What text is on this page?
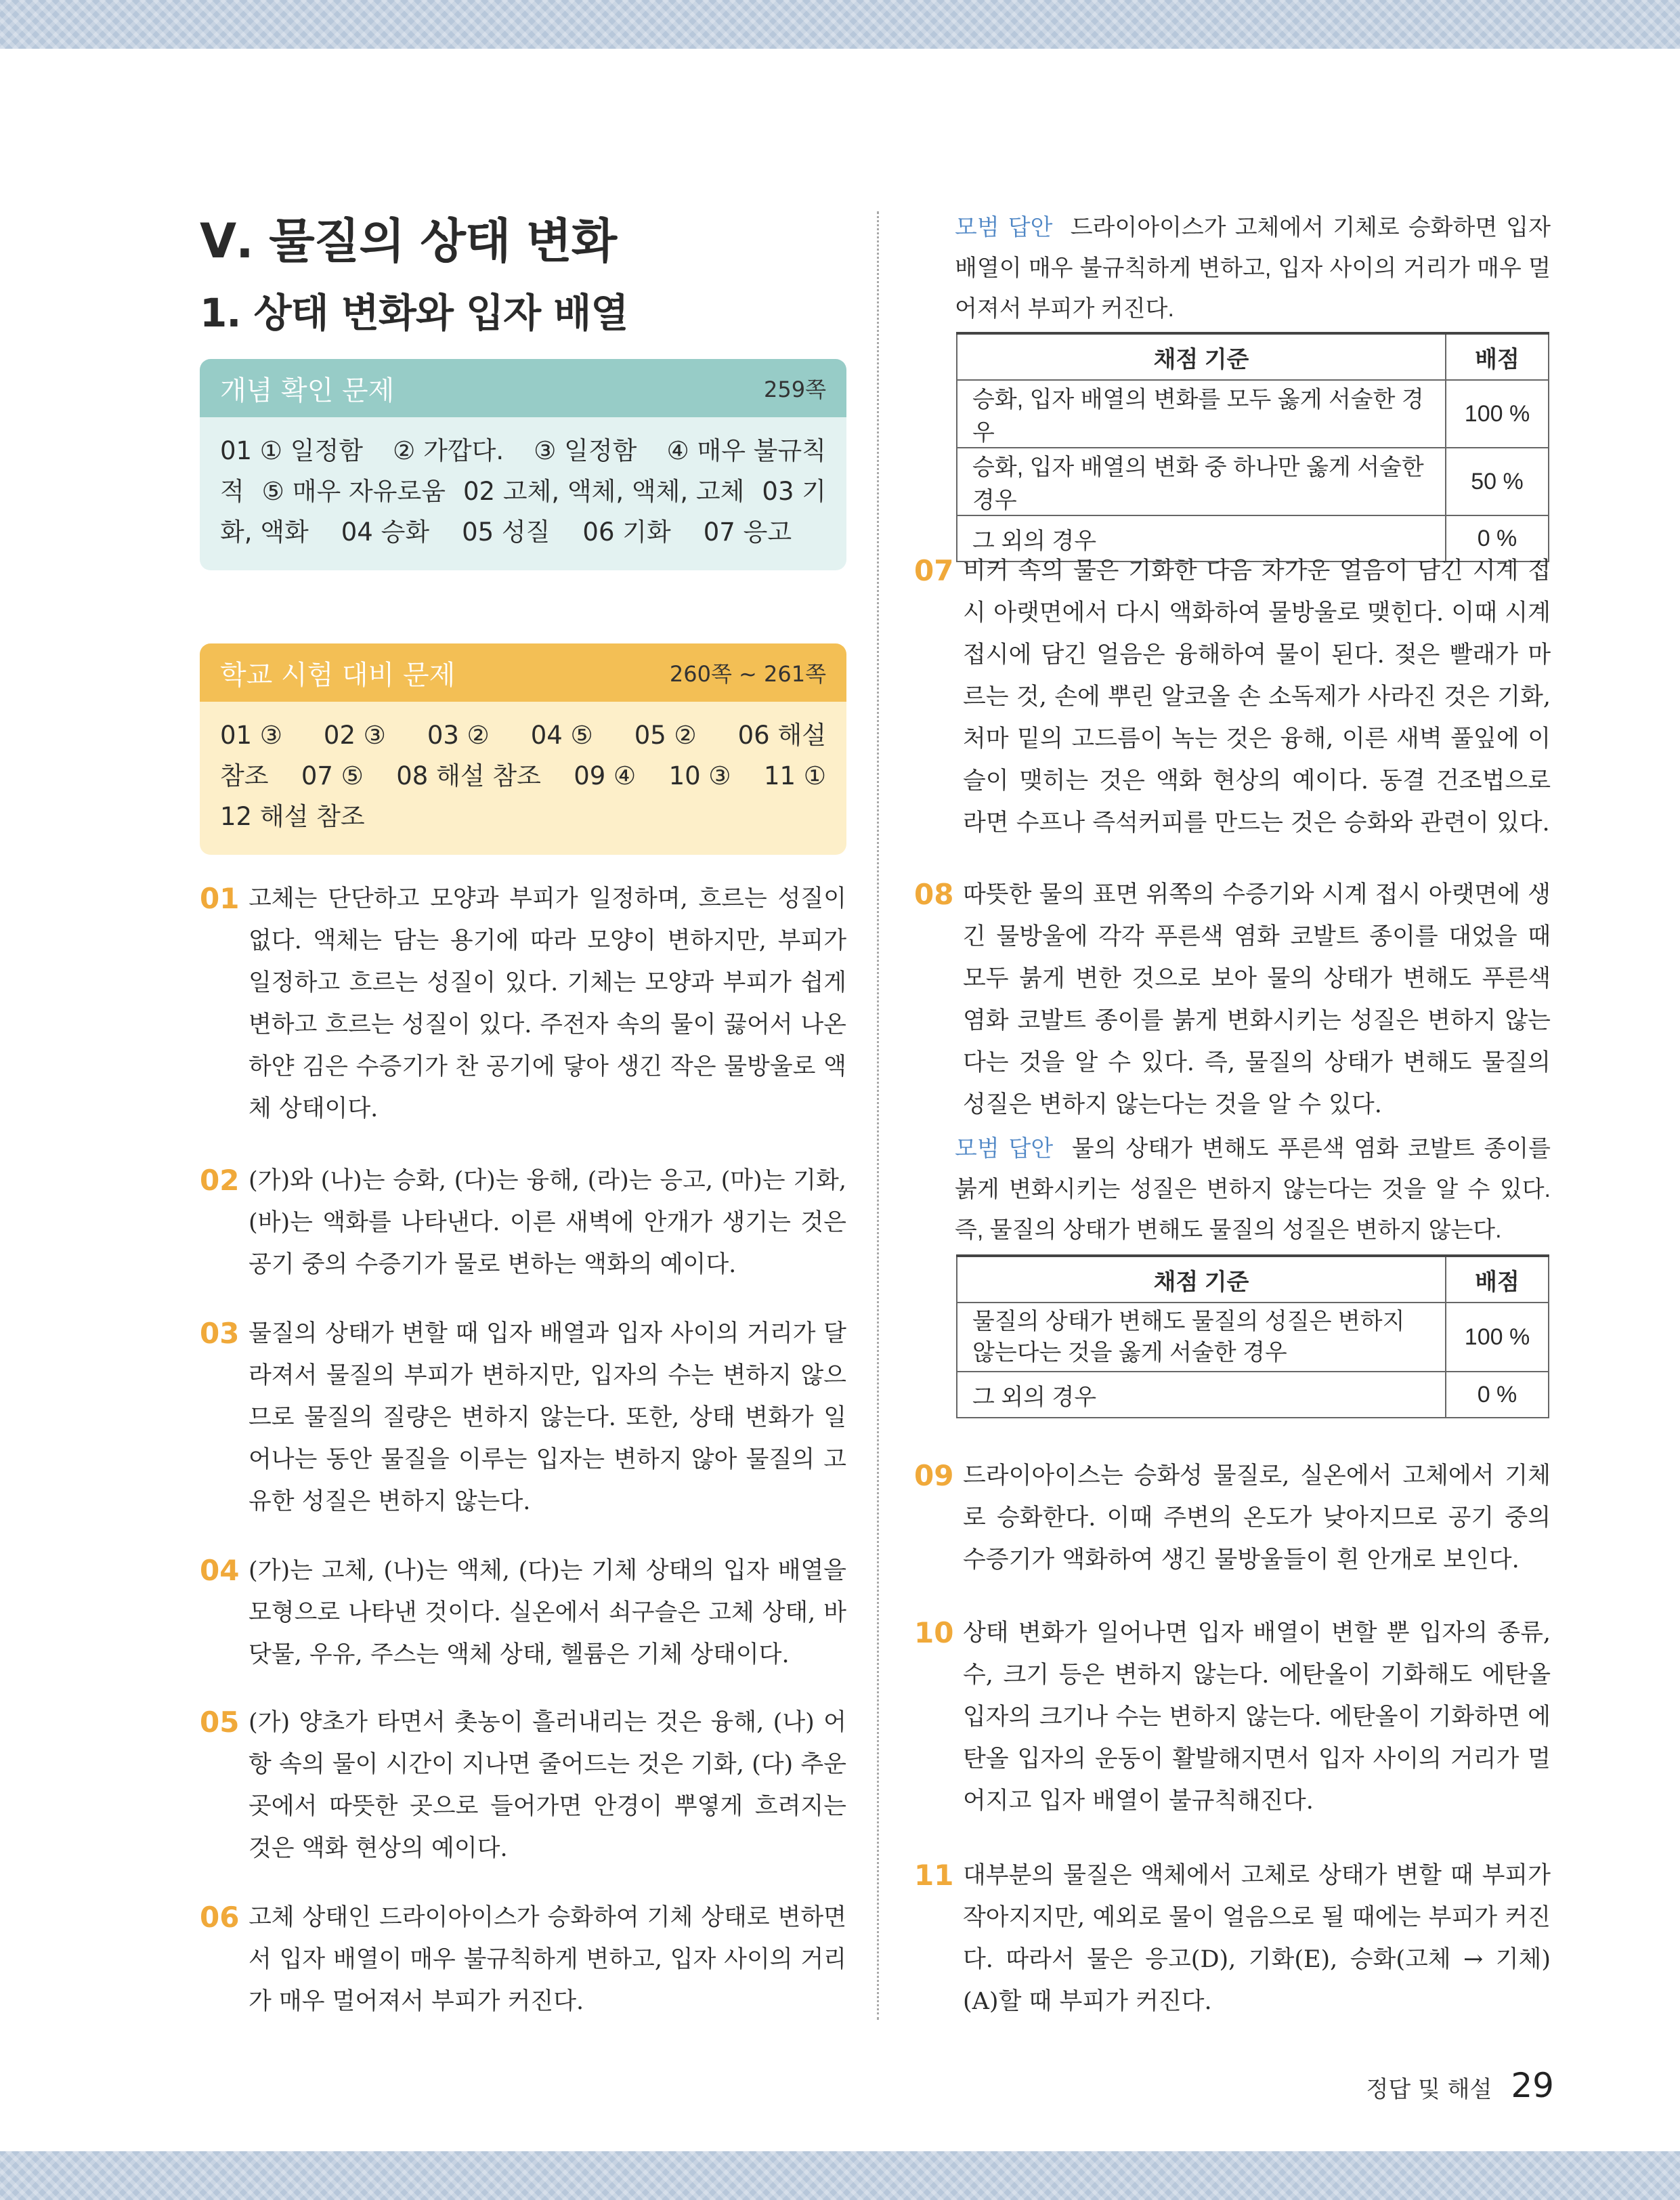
Ⅴ. 물질의 상태 변화
1. 상태 변화와 입자 배열
개념 확인 문제	259쪽
01 ① 일정함 ② 가깝다. ③ 일정함 ④ 매우 불규칙
적 ⑤ 매우 자유로움 02 고체, 액체, 액체, 고체 03 기
화, 액화 04 승화 05 성질 06 기화 07 응고
학교 시험 대비 문제	260쪽 ~ 261쪽
01 ③ 02 ③ 03 ② 04 ⑤ 05 ② 06 해설
참조 07 ⑤ 08 해설 참조 09 ④ 10 ③ 11 ①
12 해설 참조
01 고체는 단단하고 모양과 부피가 일정하며, 흐르는 성질이 없다. 액체는 담는 용기에 따라 모양이 변하지만, 부피가 일정하고 흐르는 성질이 있다. 기체는 모양과 부피가 쉽게 변하고 흐르는 성질이 있다. 주전자 속의 물이 끓어서 나온 하얀 김은 수증기가 찬 공기에 닿아 생긴 작은 물방울로 액체 상태이다.
02 (가)와 (나)는 승화, (다)는 융해, (라)는 응고, (마)는 기화, (바)는 액화를 나타낸다. 이른 새벽에 안개가 생기는 것은 공기 중의 수증기가 물로 변하는 액화의 예이다.
03 물질의 상태가 변할 때 입자 배열과 입자 사이의 거리가 달라져서 물질의 부피가 변하지만, 입자의 수는 변하지 않으므로 물질의 질량은 변하지 않는다. 또한, 상태 변화가 일어나는 동안 물질을 이루는 입자는 변하지 않아 물질의 고유한 성질은 변하지 않는다.
04 (가)는 고체, (나)는 액체, (다)는 기체 상태의 입자 배열을 모형으로 나타낸 것이다. 실온에서 쇠구슬은 고체 상태, 바닷물, 우유, 주스는 액체 상태, 헬륨은 기체 상태이다.
05 (가) 양초가 타면서 촛농이 흘러내리는 것은 융해, (나) 어항 속의 물이 시간이 지나면 줄어드는 것은 기화, (다) 추운 곳에서 따뜻한 곳으로 들어가면 안경이 뿌옇게 흐려지는 것은 액화 현상의 예이다.
06 고체 상태인 드라이아이스가 승화하여 기체 상태로 변하면서 입자 배열이 매우 불규칙하게 변하고, 입자 사이의 거리가 매우 멀어져서 부피가 커진다.
모범 답안 드라이아이스가 고체에서 기체로 승화하면 입자 배열이 매우 불규칙하게 변하고, 입자 사이의 거리가 매우 멀어져서 부피가 커진다.
채점 기준	배점
승화, 입자 배열의 변화를 모두 옳게 서술한 경우	100 %
승화, 입자 배열의 변화 중 하나만 옳게 서술한 경우	50 %
그 외의 경우	0 %
07 비커 속의 물은 기화한 다음 차가운 얼음이 담긴 시계 접시 아랫면에서 다시 액화하여 물방울로 맺힌다. 이때 시계 접시에 담긴 얼음은 융해하여 물이 된다. 젖은 빨래가 마르는 것, 손에 뿌린 알코올 손 소독제가 사라진 것은 기화, 처마 밑의 고드름이 녹는 것은 융해, 이른 새벽 풀잎에 이슬이 맺히는 것은 액화 현상의 예이다. 동결 건조법으로 라면 수프나 즉석커피를 만드는 것은 승화와 관련이 있다.
08 따뜻한 물의 표면 위쪽의 수증기와 시계 접시 아랫면에 생긴 물방울에 각각 푸른색 염화 코발트 종이를 대었을 때 모두 붉게 변한 것으로 보아 물의 상태가 변해도 푸른색 염화 코발트 종이를 붉게 변화시키는 성질은 변하지 않는다는 것을 알 수 있다. 즉, 물질의 상태가 변해도 물질의 성질은 변하지 않는다는 것을 알 수 있다.
모범 답안 물의 상태가 변해도 푸른색 염화 코발트 종이를 붉게 변화시키는 성질은 변하지 않는다는 것을 알 수 있다. 즉, 물질의 상태가 변해도 물질의 성질은 변하지 않는다.
채점 기준	배점
물질의 상태가 변해도 물질의 성질은 변하지 않는다는 것을 옳게 서술한 경우	100 %
그 외의 경우	0 %
09 드라이아이스는 승화성 물질로, 실온에서 고체에서 기체로 승화한다. 이때 주변의 온도가 낮아지므로 공기 중의 수증기가 액화하여 생긴 물방울들이 흰 안개로 보인다.
10 상태 변화가 일어나면 입자 배열이 변할 뿐 입자의 종류, 수, 크기 등은 변하지 않는다. 에탄올이 기화해도 에탄올 입자의 크기나 수는 변하지 않는다. 에탄올이 기화하면 에탄올 입자의 운동이 활발해지면서 입자 사이의 거리가 멀어지고 입자 배열이 불규칙해진다.
11 대부분의 물질은 액체에서 고체로 상태가 변할 때 부피가 작아지지만, 예외로 물이 얼음으로 될 때에는 부피가 커진다. 따라서 물은 응고(D), 기화(E), 승화(고체 → 기체)(A)할 때 부피가 커진다.
정답 및 해설 29
